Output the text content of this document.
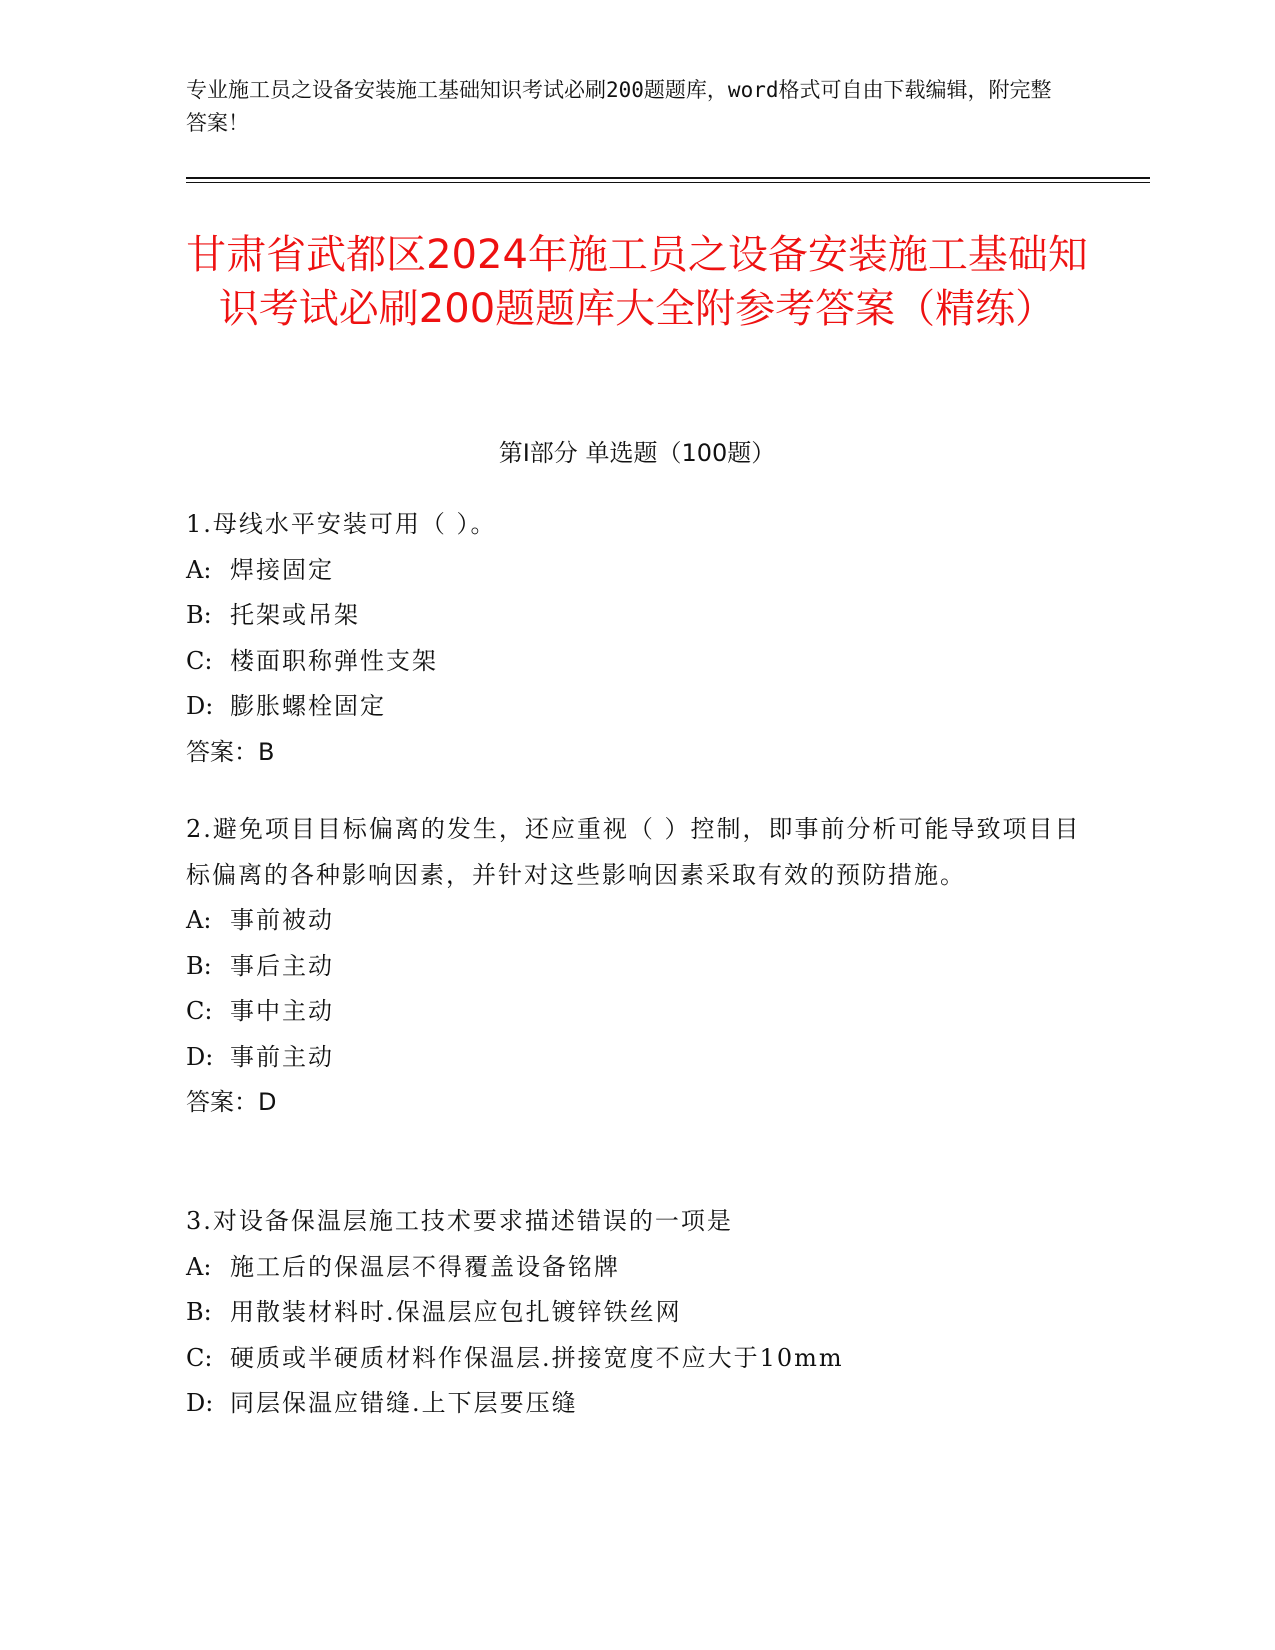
专业施工员之设备安装施工基础知识考试必刷200题题库，word格式可自由下载编辑，附完整答案！
甘肃省武都区2024年施工员之设备安装施工基础知识考试必刷200题题库大全附参考答案（精练）
第Ⅰ部分 单选题（100题）
1.母线水平安装可用（ ）。
A: 焊接固定
B: 托架或吊架
C: 楼面职称弹性支架
D: 膨胀螺栓固定
答案：B
2.避免项目目标偏离的发生，还应重视（ ）控制，即事前分析可能导致项目目标偏离的各种影响因素，并针对这些影响因素采取有效的预防措施。
A: 事前被动
B: 事后主动
C: 事中主动
D: 事前主动
答案：D
3.对设备保温层施工技术要求描述错误的一项是
A: 施工后的保温层不得覆盖设备铭牌
B: 用散装材料时.保温层应包扎镀锌铁丝网
C: 硬质或半硬质材料作保温层.拼接宽度不应大于10mm
D: 同层保温应错缝.上下层要压缝
